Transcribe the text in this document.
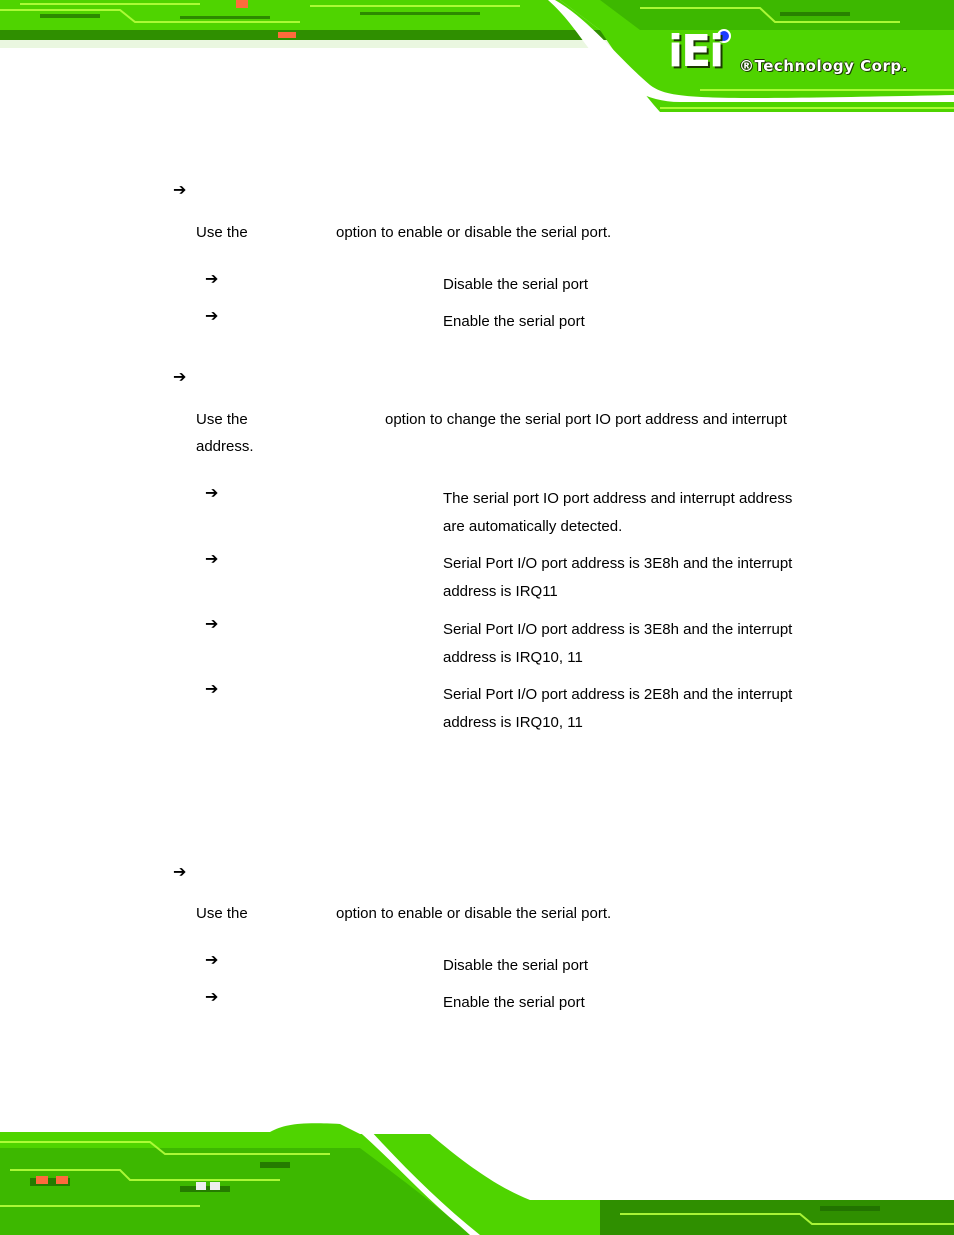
iEi ®Technology Corp.
➔
Use the	option to enable or disable the serial port.
➔	Disable the serial port
➔	Enable the serial port
➔
Use the	option to change the serial port IO port address and interrupt
address.
➔	The serial port IO port address and interrupt address
are automatically detected.
➔	Serial Port I/O port address is 3E8h and the interrupt
address is IRQ11
➔	Serial Port I/O port address is 3E8h and the interrupt
address is IRQ10, 11
➔	Serial Port I/O port address is 2E8h and the interrupt
address is IRQ10, 11
➔
Use the	option to enable or disable the serial port.
➔	Disable the serial port
➔	Enable the serial port
